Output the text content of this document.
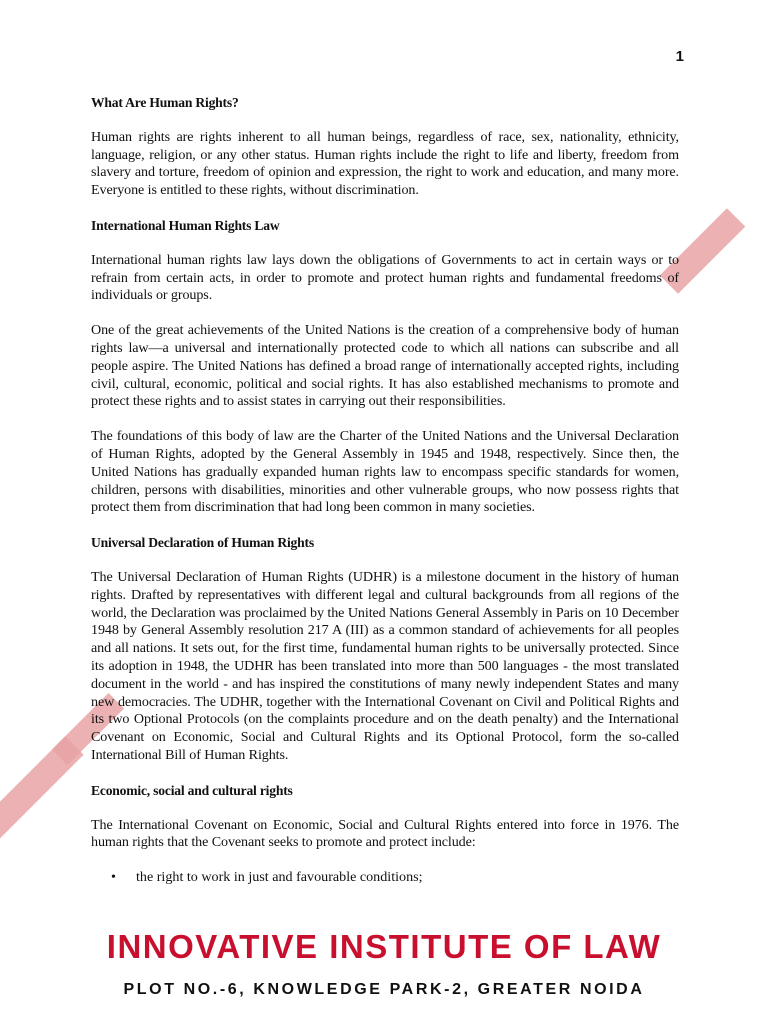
1

What Are Human Rights?

Human rights are rights inherent to all human beings, regardless of race, sex, nationality, ethnicity, language, religion, or any other status. Human rights include the right to life and liberty, freedom from slavery and torture, freedom of opinion and expression, the right to work and education, and many more. Everyone is entitled to these rights, without discrimination.

International Human Rights Law

International human rights law lays down the obligations of Governments to act in certain ways or to refrain from certain acts, in order to promote and protect human rights and fundamental freedoms of individuals or groups.

One of the great achievements of the United Nations is the creation of a comprehensive body of human rights law—a universal and internationally protected code to which all nations can subscribe and all people aspire. The United Nations has defined a broad range of internationally accepted rights, including civil, cultural, economic, political and social rights. It has also established mechanisms to promote and protect these rights and to assist states in carrying out their responsibilities.

The foundations of this body of law are the Charter of the United Nations and the Universal Declaration of Human Rights, adopted by the General Assembly in 1945 and 1948, respectively. Since then, the United Nations has gradually expanded human rights law to encompass specific standards for women, children, persons with disabilities, minorities and other vulnerable groups, who now possess rights that protect them from discrimination that had long been common in many societies.

Universal Declaration of Human Rights

The Universal Declaration of Human Rights (UDHR) is a milestone document in the history of human rights. Drafted by representatives with different legal and cultural backgrounds from all regions of the world, the Declaration was proclaimed by the United Nations General Assembly in Paris on 10 December 1948 by General Assembly resolution 217 A (III) as a common standard of achievements for all peoples and all nations. It sets out, for the first time, fundamental human rights to be universally protected. Since its adoption in 1948, the UDHR has been translated into more than 500 languages - the most translated document in the world - and has inspired the constitutions of many newly independent States and many new democracies. The UDHR, together with the International Covenant on Civil and Political Rights and its two Optional Protocols (on the complaints procedure and on the death penalty) and the International Covenant on Economic, Social and Cultural Rights and its Optional Protocol, form the so-called International Bill of Human Rights.

Economic, social and cultural rights

The International Covenant on Economic, Social and Cultural Rights entered into force in 1976. The human rights that the Covenant seeks to promote and protect include:

• the right to work in just and favourable conditions;
INNOVATIVE INSTITUTE OF LAW
PLOT NO.-6, KNOWLEDGE PARK-2, GREATER NOIDA
